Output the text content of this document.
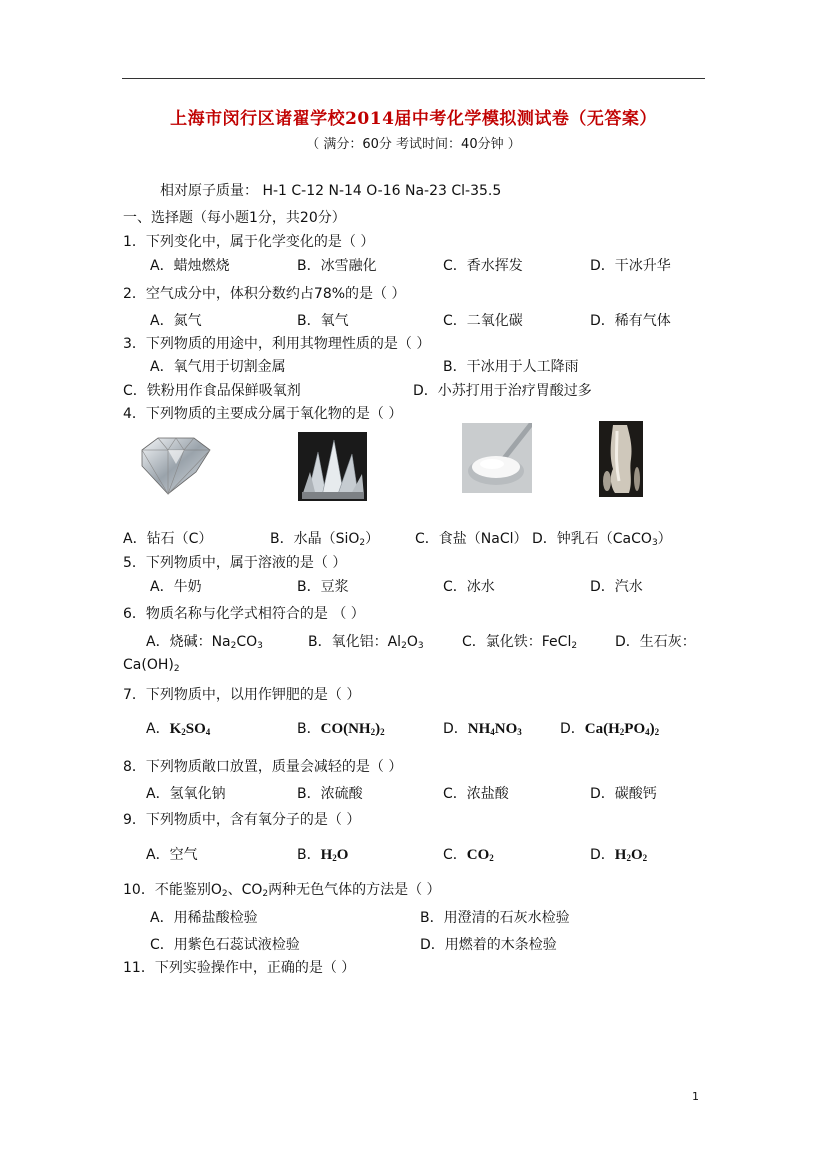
上海市闵行区诸翟学校2014届中考化学模拟测试卷（无答案）
（ 满分：60分 考试时间：40分钟 ）
相对原子质量： H-1 C-12 N-14 O-16 Na-23 Cl-35.5
一、选择题（每小题1分，共20分）
1．下列变化中，属于化学变化的是（ ）
A．蜡烛燃烧	B．冰雪融化	C．香水挥发	D．干冰升华
2．空气成分中，体积分数约占78%的是（ ）
A．氮气	B．氧气	C．二氧化碳	D．稀有气体
3．下列物质的用途中，利用其物理性质的是（ ）
A．氧气用于切割金属	B．干冰用于人工降雨
C．铁粉用作食品保鲜吸氧剂	D．小苏打用于治疗胃酸过多
4．下列物质的主要成分属于氧化物的是（ ）
A．钻石（C）	B．水晶（SiO$_2$）	C．食盐（NaCl） D．钟乳石（CaCO$_3$）
5．下列物质中，属于溶液的是（ ）
A．牛奶	B．豆浆	C．冰水	D．汽水
6．物质名称与化学式相符合的是 （ ）
A．烧碱：$Na_2CO_3$	B．氧化铝：$Al_2O_3$	C．氯化铁：FeCl$_2$	D．生石灰：
$Ca(OH)_2$
7．下列物质中，以用作钾肥的是（ ）
A．$K_2SO_4$	B．$CO(NH_2)_2$	D．$NH_4NO_3$	D．$Ca(H_2PO_4)_2$
8．下列物质敞口放置，质量会减轻的是（ ）
A．氢氧化钠	B．浓硫酸	C．浓盐酸	D．碳酸钙
9．下列物质中，含有氧分子的是（ ）
A．空气	B．$H_2O$	C．$CO_2$	D．$H_2O_2$
10．不能鉴别$O_2$、$CO_2$两种无色气体的方法是（ ）
A．用稀盐酸检验	B．用澄清的石灰水检验
C．用紫色石蕊试液检验	D．用燃着的木条检验
11．下列实验操作中，正确的是（ ）
1
